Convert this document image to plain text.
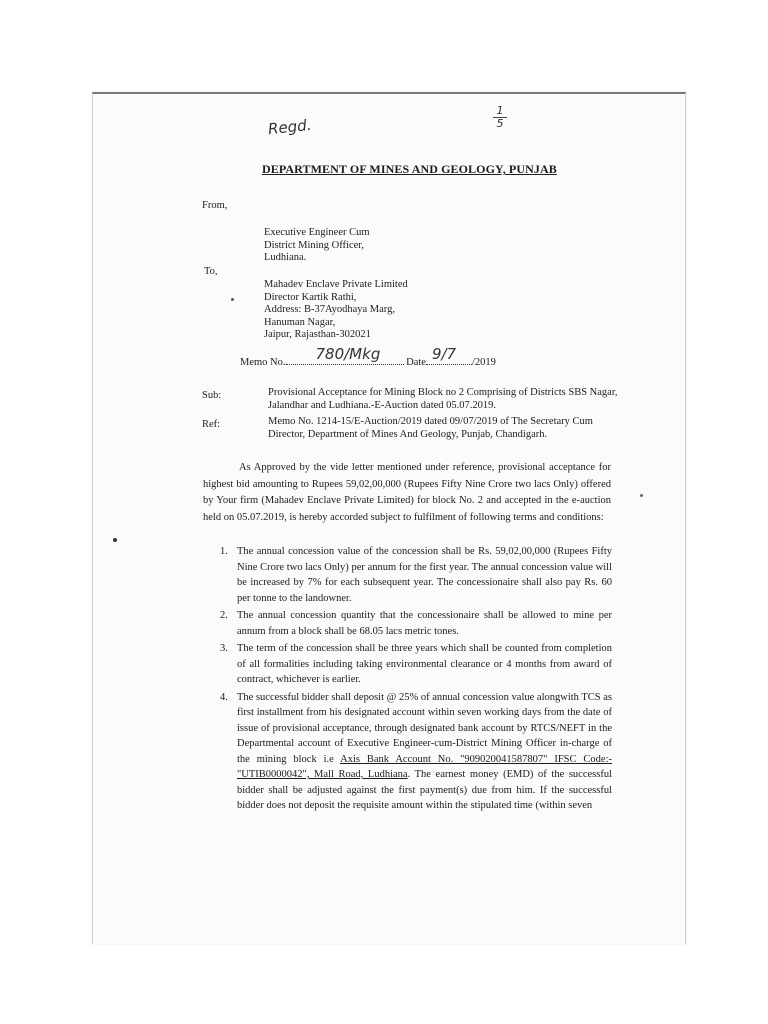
Regd.
1
5
DEPARTMENT OF MINES AND GEOLOGY, PUNJAB
From,
Executive Engineer Cum
District Mining Officer,
Ludhiana.
To,
Mahadev Enclave Private Limited
Director Kartik Rathi,
Address: B-37Ayodhaya Marg,
Hanuman Nagar,
Jaipur, Rajasthan-302021
Memo No. 780/Mkg Date 9/7 /2019
Sub:	Provisional Acceptance for Mining Block no 2 Comprising of Districts SBS Nagar, Jalandhar and Ludhiana.-E-Auction dated 05.07.2019.
Ref:	Memo No. 1214-15/E-Auction/2019 dated 09/07/2019 of The Secretary Cum Director, Department of Mines And Geology, Punjab, Chandigarh.
As Approved by the vide letter mentioned under reference, provisional acceptance for highest bid amounting to Rupees 59,02,00,000 (Rupees Fifty Nine Crore two lacs Only) offered by Your firm (Mahadev Enclave Private Limited) for block No. 2 and accepted in the e-auction held on 05.07.2019, is hereby accorded subject to fulfilment of following terms and conditions:
1. The annual concession value of the concession shall be Rs. 59,02,00,000 (Rupees Fifty Nine Crore two lacs Only) per annum for the first year. The annual concession value will be increased by 7% for each subsequent year. The concessionaire shall also pay Rs. 60 per tonne to the landowner.
2. The annual concession quantity that the concessionaire shall be allowed to mine per annum from a block shall be 68.05 lacs metric tones.
3. The term of the concession shall be three years which shall be counted from completion of all formalities including taking environmental clearance or 4 months from award of contract, whichever is earlier.
4. The successful bidder shall deposit @ 25% of annual concession value alongwith TCS as first installment from his designated account within seven working days from the date of issue of provisional acceptance, through designated bank account by RTCS/NEFT in the Departmental account of Executive Engineer-cum-District Mining Officer in-charge of the mining block i.e Axis Bank Account No. "909020041587807" IFSC Code:- "UTIB0000042", Mall Road, Ludhiana. The earnest money (EMD) of the successful bidder shall be adjusted against the first payment(s) due from him. If the successful bidder does not deposit the requisite amount within the stipulated time (within seven
